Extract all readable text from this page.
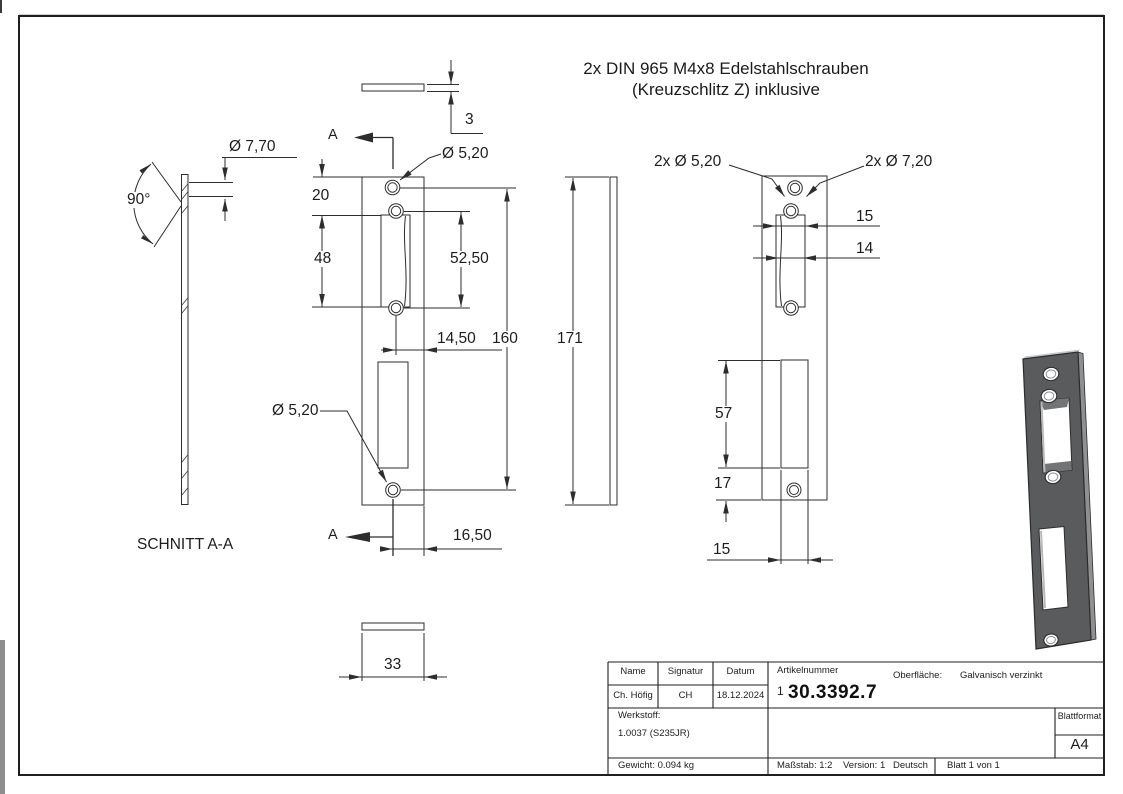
2x DIN 965 M4x8 Edelstahlschrauben
(Kreuzschlitz Z) inklusive
Ø 7,70
90°
SCHNITT A-A
3
A
A
Ø 5,20
Ø 5,20
20
48	52,50
14,50 160	171
16,50
33
2x Ø 5,20	2x Ø 7,20
15
14
57
17
15
Name	Signatur	Datum
Ch. Höfig	CH	18.12.2024
Artikelnummer
1 30.3392.7
Oberfläche: Galvanisch verzinkt
Werkstoff:
1.0037 (S235JR)
Gewicht: 0.094 kg	Maßstab: 1:2 Version: 1 Deutsch Blatt 1 von 1
Blattformat
A4
